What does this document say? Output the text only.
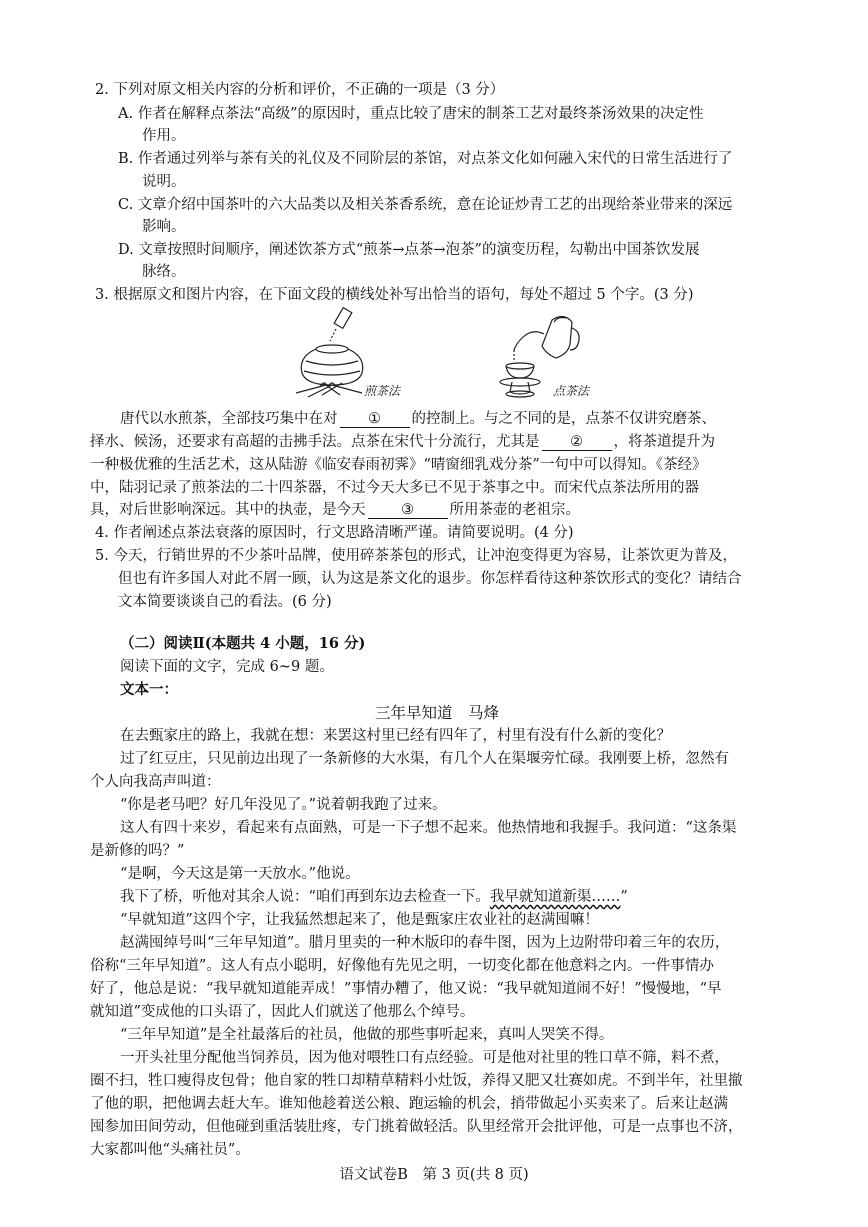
2. 下列对原文相关内容的分析和评价，不正确的一项是（3 分）
A. 作者在解释点茶法“高级”的原因时，重点比较了唐宋的制茶工艺对最终茶汤效果的决定性
作用。
B. 作者通过列举与茶有关的礼仪及不同阶层的茶馆，对点茶文化如何融入宋代的日常生活进行了
说明。
C. 文章介绍中国茶叶的六大品类以及相关茶香系统，意在论证炒青工艺的出现给茶业带来的深远
影响。
D. 文章按照时间顺序，阐述饮茶方式“煎茶→点茶→泡茶”的演变历程，勾勒出中国茶饮发展
脉络。
3. 根据原文和图片内容，在下面文段的横线处补写出恰当的语句，每处不超过 5 个字。(3 分)
煎茶法	点茶法
唐代以水煎茶，全部技巧集中在对 ① 的控制上。与之不同的是，点茶不仅讲究磨茶、
择水、候汤，还要求有高超的击拂手法。点茶在宋代十分流行，尤其是 ② ，将茶道提升为
一种极优雅的生活艺术，这从陆游《临安春雨初霁》“晴窗细乳戏分茶”一句中可以得知。《茶经》
中，陆羽记录了煎茶法的二十四茶器，不过今天大多已不见于茶事之中。而宋代点茶法所用的器
具，对后世影响深远。其中的执壶，是今天 ③ 所用茶壶的老祖宗。
4. 作者阐述点茶法衰落的原因时，行文思路清晰严谨。请简要说明。(4 分)
5. 今天，行销世界的不少茶叶品牌，使用碎茶茶包的形式，让冲泡变得更为容易，让茶饮更为普及，
但也有许多国人对此不屑一顾，认为这是茶文化的退步。你怎样看待这种茶饮形式的变化？请结合
文本简要谈谈自己的看法。(6 分)
（二）阅读Ⅱ(本题共 4 小题，16 分)
阅读下面的文字，完成 6~9 题。
文本一：
三年早知道　马烽
在去甄家庄的路上，我就在想：来罢这村里已经有四年了，村里有没有什么新的变化？
过了红豆庄，只见前边出现了一条新修的大水渠，有几个人在渠堰旁忙碌。我刚要上桥，忽然有
个人向我高声叫道：
“你是老马吧？好几年没见了。”说着朝我跑了过来。
这人有四十来岁，看起来有点面熟，可是一下子想不起来。他热情地和我握手。我问道：“这条渠
是新修的吗？”
“是啊，今天这是第一天放水。”他说。
我下了桥，听他对其余人说：“咱们再到东边去检查一下。我早就知道新渠……”
“早就知道”这四个字，让我猛然想起来了，他是甄家庄农业社的赵满囤嘛！
赵满囤绰号叫“三年早知道”。腊月里卖的一种木版印的春牛图，因为上边附带印着三年的农历，
俗称“三年早知道”。这人有点小聪明，好像他有先见之明，一切变化都在他意料之内。一件事情办
好了，他总是说：“我早就知道能弄成！”事情办糟了，他又说：“我早就知道闹不好！”慢慢地，“早
就知道”变成他的口头语了，因此人们就送了他那么个绰号。
“三年早知道”是全社最落后的社员，他做的那些事听起来，真叫人哭笑不得。
一开头社里分配他当饲养员，因为他对喂牲口有点经验。可是他对社里的牲口草不筛，料不煮，
圈不扫，牲口瘦得皮包骨；他自家的牲口却精草精料小灶饭，养得又肥又壮赛如虎。不到半年，社里撤
了他的职，把他调去赶大车。谁知他趁着送公粮、跑运输的机会，捎带做起小买卖来了。后来让赵满
囤参加田间劳动，但他碰到重活装肚疼，专门挑着做轻活。队里经常开会批评他，可是一点事也不济，
大家都叫他“头痛社员”。
语文试卷B　第 3 页(共 8 页)
